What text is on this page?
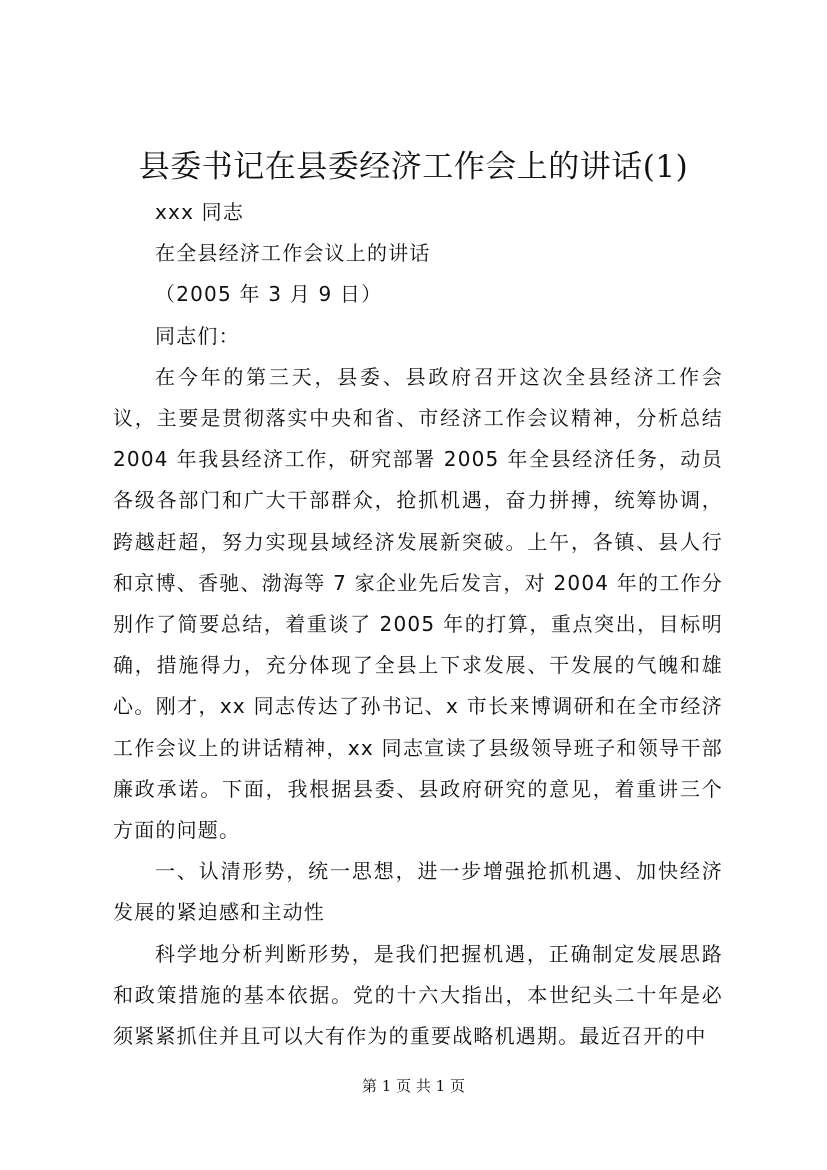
县委书记在县委经济工作会上的讲话(1)

xxx 同志

在全县经济工作会议上的讲话

（2005 年 3 月 9 日）

同志们：

在今年的第三天，县委、县政府召开这次全县经济工作会议，主要是贯彻落实中央和省、市经济工作会议精神，分析总结 2004 年我县经济工作，研究部署 2005 年全县经济任务，动员各级各部门和广大干部群众，抢抓机遇，奋力拼搏，统筹协调，跨越赶超，努力实现县域经济发展新突破。上午，各镇、县人行和京博、香驰、渤海等 7 家企业先后发言，对 2004 年的工作分别作了简要总结，着重谈了 2005 年的打算，重点突出，目标明确，措施得力，充分体现了全县上下求发展、干发展的气魄和雄心。刚才，xx 同志传达了孙书记、x 市长来博调研和在全市经济工作会议上的讲话精神，xx 同志宣读了县级领导班子和领导干部廉政承诺。下面，我根据县委、县政府研究的意见，着重讲三个方面的问题。

一、认清形势，统一思想，进一步增强抢抓机遇、加快经济发展的紧迫感和主动性

科学地分析判断形势，是我们把握机遇，正确制定发展思路和政策措施的基本依据。党的十六大指出，本世纪头二十年是必须紧紧抓住并且可以大有作为的重要战略机遇期。最近召开的中

第 1 页 共 1 页
